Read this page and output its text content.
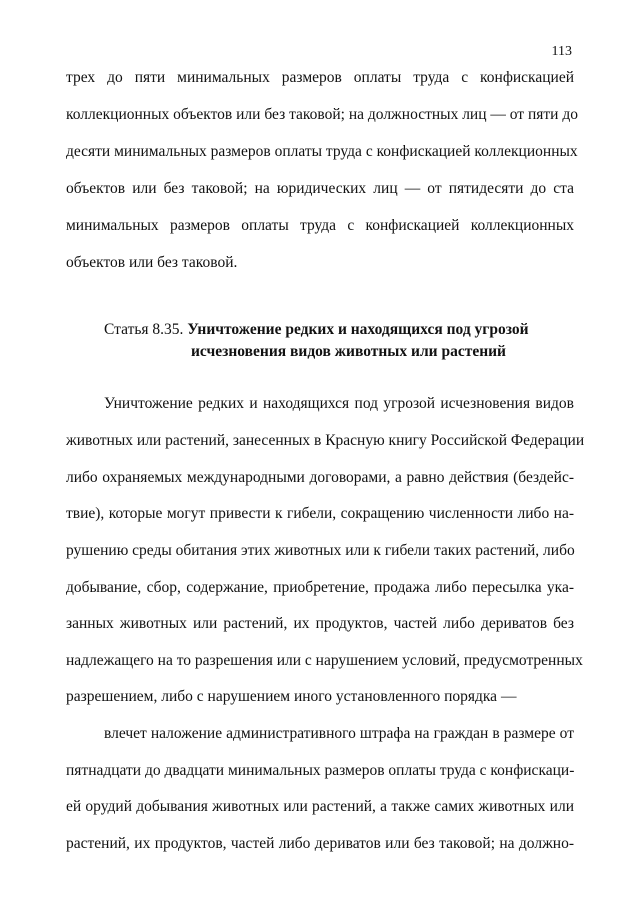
113
трех до пяти минимальных размеров оплаты труда с конфискацией
коллекционных объектов или без таковой; на должностных лиц — от пяти до
десяти минимальных размеров оплаты труда с конфискацией коллекционных
объектов или без таковой; на юридических лиц — от пятидесяти до ста
минимальных размеров оплаты труда с конфискацией коллекционных
объектов или без таковой.
Статья 8.35. Уничтожение редких и находящихся под угрозой
исчезновения видов животных или растений
Уничтожение редких и находящихся под угрозой исчезновения видов
животных или растений, занесенных в Красную книгу Российской Федерации
либо охраняемых международными договорами, а равно действия (бездейс-
твие), которые могут привести к гибели, сокращению численности либо на-
рушению среды обитания этих животных или к гибели таких растений, либо
добывание, сбор, содержание, приобретение, продажа либо пересылка ука-
занных животных или растений, их продуктов, частей либо дериватов без
надлежащего на то разрешения или с нарушением условий, предусмотренных
разрешением, либо с нарушением иного установленного порядка —
влечет наложение административного штрафа на граждан в размере от
пятнадцати до двадцати минимальных размеров оплаты труда с конфискаци-
ей орудий добывания животных или растений, а также самих животных или
растений, их продуктов, частей либо дериватов или без таковой; на должно-
